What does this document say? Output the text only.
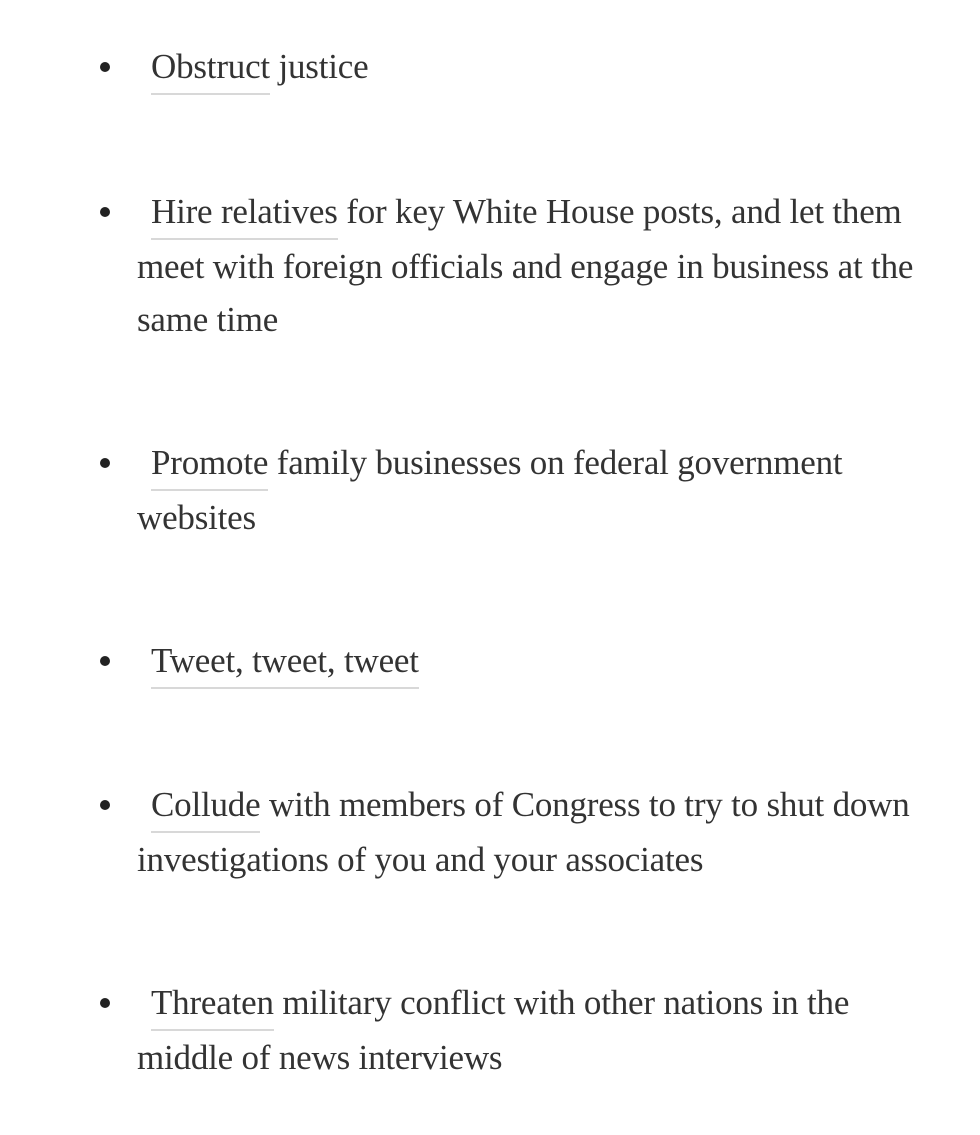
Obstruct justice
Hire relatives for key White House posts, and let them meet with foreign officials and engage in business at the same time
Promote family businesses on federal government websites
Tweet, tweet, tweet
Collude with members of Congress to try to shut down investigations of you and your associates
Threaten military conflict with other nations in the middle of news interviews
